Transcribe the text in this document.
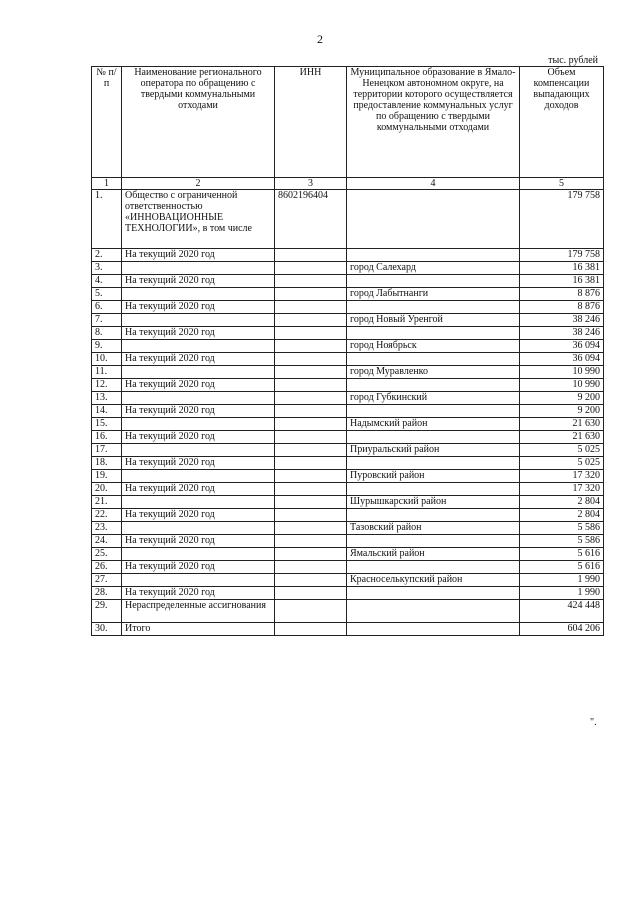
2
тыс. рублей
№ п/п	Наименование регионального оператора по обращению с твердыми коммунальными отходами	ИНН	Муниципальное образование в Ямало-Ненецком автономном округе, на территории которого осуществляется предоставление коммунальных услуг по обращению с твердыми коммунальными отходами	Объем компенсации выпадающих доходов
1	2	3	4	5
1.	Общество с ограниченной ответственностью «ИННОВАЦИОННЫЕ ТЕХНОЛОГИИ», в том числе	8602196404		179 758
2.	На текущий 2020 год			179 758
3.			город Салехард	16 381
4.	На текущий 2020 год			16 381
5.			город Лабытнанги	8 876
6.	На текущий 2020 год			8 876
7.			город Новый Уренгой	38 246
8.	На текущий 2020 год			38 246
9.			город Ноябрьск	36 094
10.	На текущий 2020 год			36 094
11.			город Муравленко	10 990
12.	На текущий 2020 год			10 990
13.			город Губкинский	9 200
14.	На текущий 2020 год			9 200
15.			Надымский район	21 630
16.	На текущий 2020 год			21 630
17.			Приуральский район	5 025
18.	На текущий 2020 год			5 025
19.			Пуровский район	17 320
20.	На текущий 2020 год			17 320
21.			Шурышкарский район	2 804
22.	На текущий 2020 год			2 804
23.			Тазовский район	5 586
24.	На текущий 2020 год			5 586
25.			Ямальский район	5 616
26.	На текущий 2020 год			5 616
27.			Красноселькупский район	1 990
28.	На текущий 2020 год			1 990
29.	Нераспределенные ассигнования			424 448
30.	Итого			604 206
".
